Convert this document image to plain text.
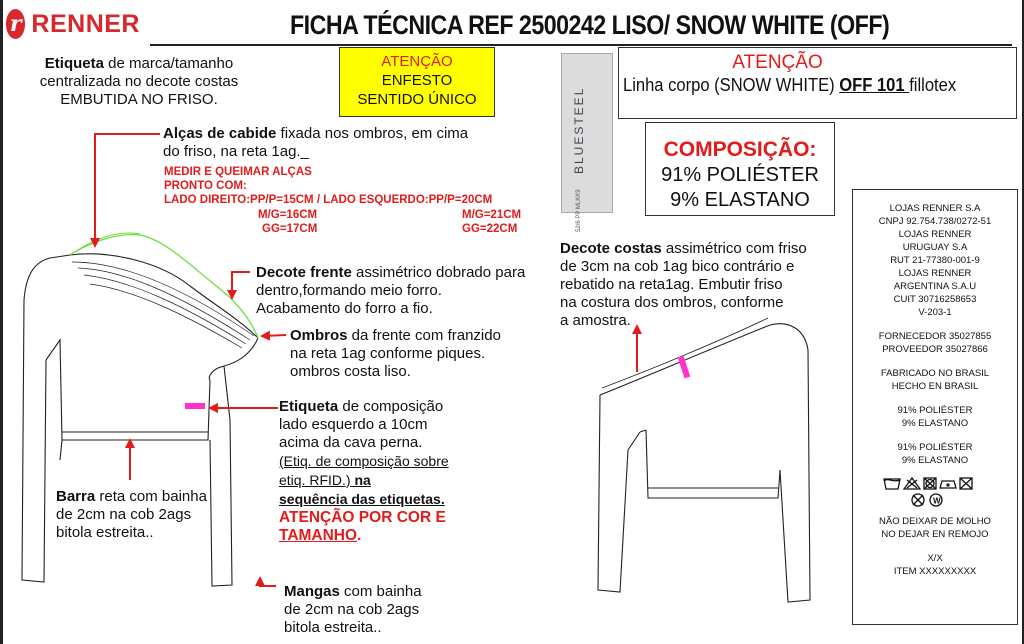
r RENNER	FICHA TÉCNICA REF 2500242 LISO/ SNOW WHITE (OFF)
Etiqueta de marca/tamanho
centralizada no decote costas
EMBUTIDA NO FRISO.
Alças de cabide fixada nos ombros, em cima
do friso, na reta 1ag._
MEDIR E QUEIMAR ALÇAS
PRONTO COM:
LADO DIREITO:PP/P=15CM / LADO ESQUERDO:PP/P=20CM
M/G=16CM
GG=17CM
M/G=21CM
GG=22CM
Decote frente assimétrico dobrado para
dentro,formando meio forro.
Acabamento do forro a fio.
Ombros da frente com franzido
na reta 1ag conforme piques.
ombros costa liso.
Etiqueta de composição
lado esquerdo a 10cm
acima da cava perna.
(Etiq. de composição sobre
etiq. RFID.) na
sequência das etiquetas.
ATENÇÃO POR COR E
TAMANHO.
Barra reta com bainha
de 2cm na cob 2ags
bitola estreita..
Mangas com bainha
de 2cm na cob 2ags
bitola estreita..
Decote costas assimétrico com friso
de 3cm na cob 1ag bico contrário e
rebatido na reta1ag. Embutir friso
na costura dos ombros, conforme
a amostra.
ATENÇÃO
ENFESTO
SENTIDO ÚNICO	BLUESTEEL
52/6 PP MLKK9
ATENÇÃO
Linha corpo (SNOW WHITE) OFF 101 fillotex
COMPOSIÇÃO:
91% POLIÉSTER
9% ELASTANO	LOJAS RENNER S.A
CNPJ 92.754.738/0272-51
LOJAS RENNER
URUGUAY S.A
RUT 21-77380-001-9
LOJAS RENNER
ARGENTINA S.A.U
CUIT 30716258653
V-203-1
FORNECEDOR 35027855
PROVEEDOR 35027866
FABRICADO NO BRASIL
HECHO EN BRASIL
91% POLIÉSTER
9% ELASTANO
91% POLIÉSTER
9% ELASTANO
W
NÃO DEIXAR DE MOLHO
NO DEJAR EN REMOJO
X/X
ITEM XXXXXXXXX
